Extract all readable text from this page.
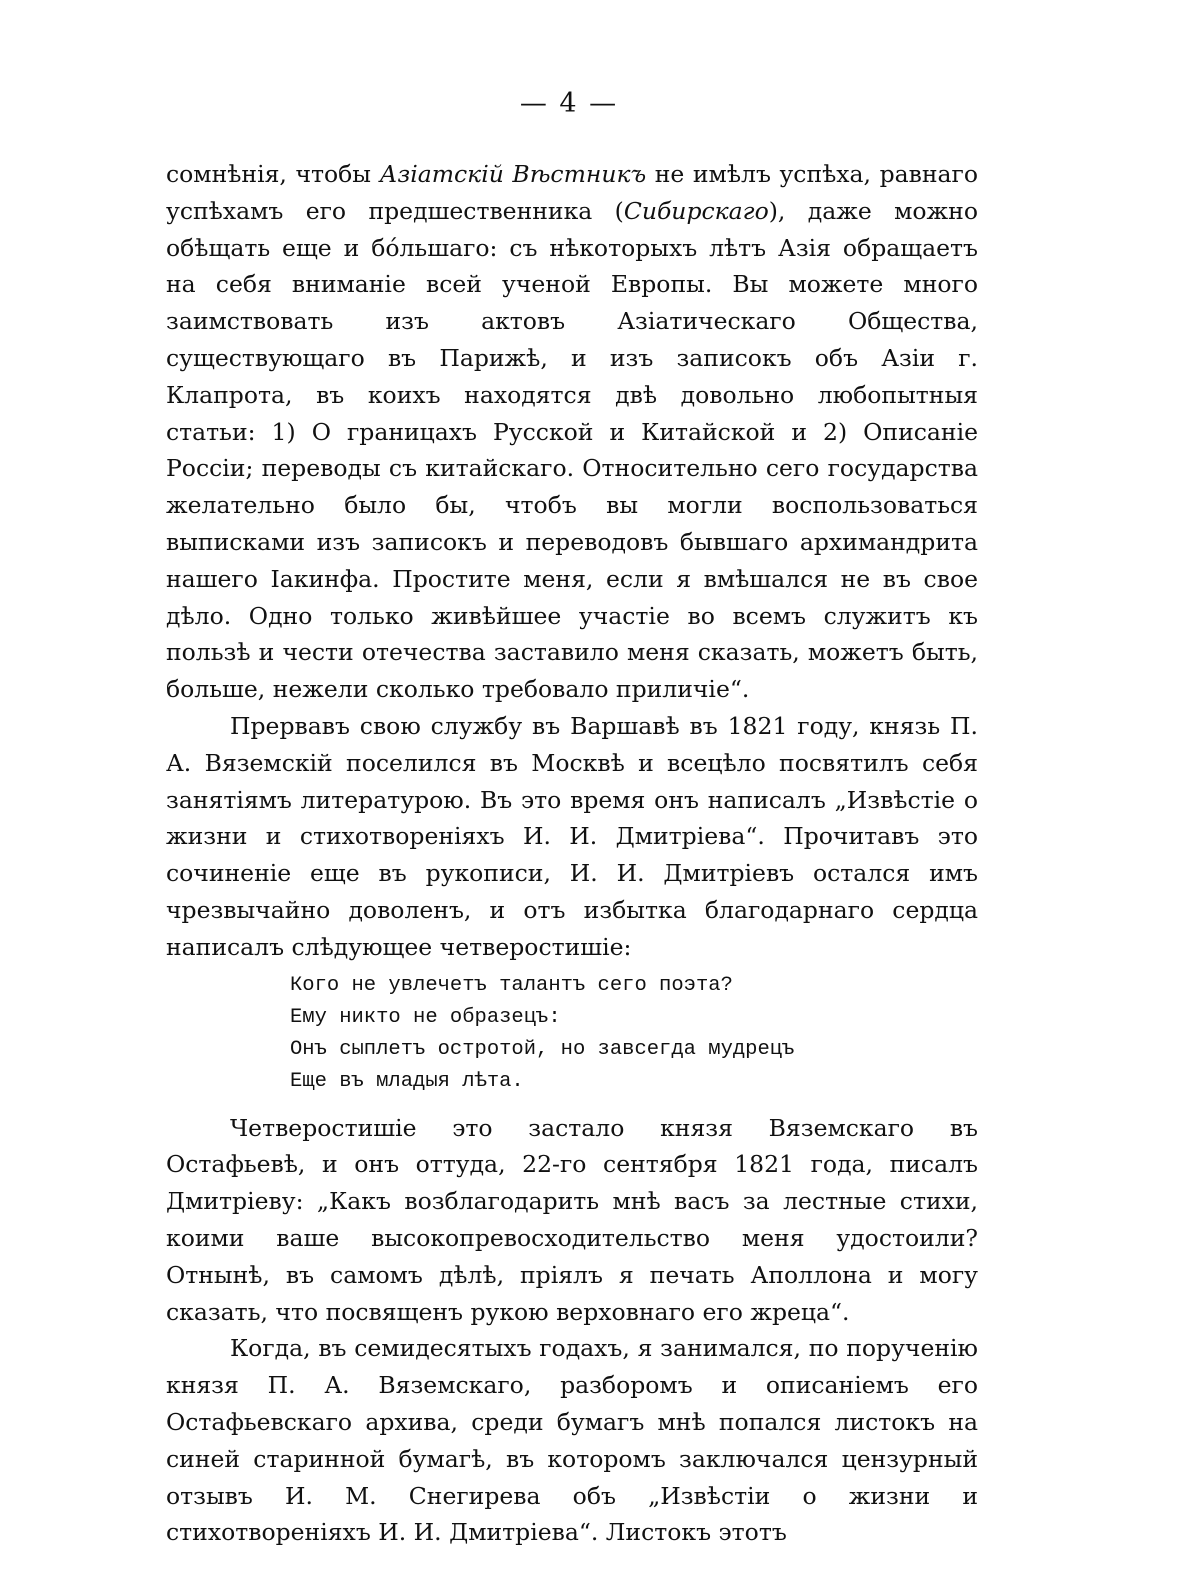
— 4 —

сомнѣнія, чтобы Азіатскій Вѣстникъ не имѣлъ успѣха, равнаго успѣхамъ его предшественника (Сибирскаго), даже можно обѣщать еще и бóльшаго: съ нѣкоторыхъ лѣтъ Азія обращаетъ на себя вниманіе всей ученой Европы. Вы можете много заимствовать изъ актовъ Азіатическаго Общества, существующаго въ Парижѣ, и изъ записокъ объ Азіи г. Клапрота, въ коихъ находятся двѣ довольно любопытныя статьи: 1) О границахъ Русской и Китайской и 2) Описаніе Россіи; переводы съ китайскаго. Относительно сего государства желательно было бы, чтобъ вы могли воспользоваться выписками изъ записокъ и переводовъ бывшаго архимандрита нашего Іакинфа. Простите меня, если я вмѣшался не въ свое дѣло. Одно только живѣйшее участіе во всемъ служитъ къ пользѣ и чести отечества заставило меня сказать, можетъ быть, больше, нежели сколько требовало приличіе“.

Прервавъ свою службу въ Варшавѣ въ 1821 году, князь П. А. Вяземскій поселился въ Москвѣ и всецѣло посвятилъ себя занятіямъ литературою. Въ это время онъ написалъ „Извѣстіе о жизни и стихотвореніяхъ И. И. Дмитріева“. Прочитавъ это сочиненіе еще въ рукописи, И. И. Дмитріевъ остался имъ чрезвычайно доволенъ, и отъ избытка благодарнаго сердца написалъ слѣдующее четверостишіе:

Кого не увлечетъ талантъ сего поэта?
Ему никто не образецъ:
Онъ сыплетъ остротой, но завсегда мудрецъ
Еще въ младыя лѣта.

Четверостишіе это застало князя Вяземскаго въ Остафьевѣ, и онъ оттуда, 22-го сентября 1821 года, писалъ Дмитріеву: „Какъ возблагодарить мнѣ васъ за лестные стихи, коими ваше высокопревосходительство меня удостоили? Отнынѣ, въ самомъ дѣлѣ, пріялъ я печать Аполлона и могу сказать, что посвященъ рукою верховнаго его жреца“.

Когда, въ семидесятыхъ годахъ, я занимался, по порученію князя П. А. Вяземскаго, разборомъ и описаніемъ его Остафьевскаго архива, среди бумагъ мнѣ попался листокъ на синей старинной бумагѣ, въ которомъ заключался цензурный отзывъ И. М. Снегирева объ „Извѣстіи о жизни и стихотвореніяхъ И. И. Дмитріева“. Листокъ этотъ
